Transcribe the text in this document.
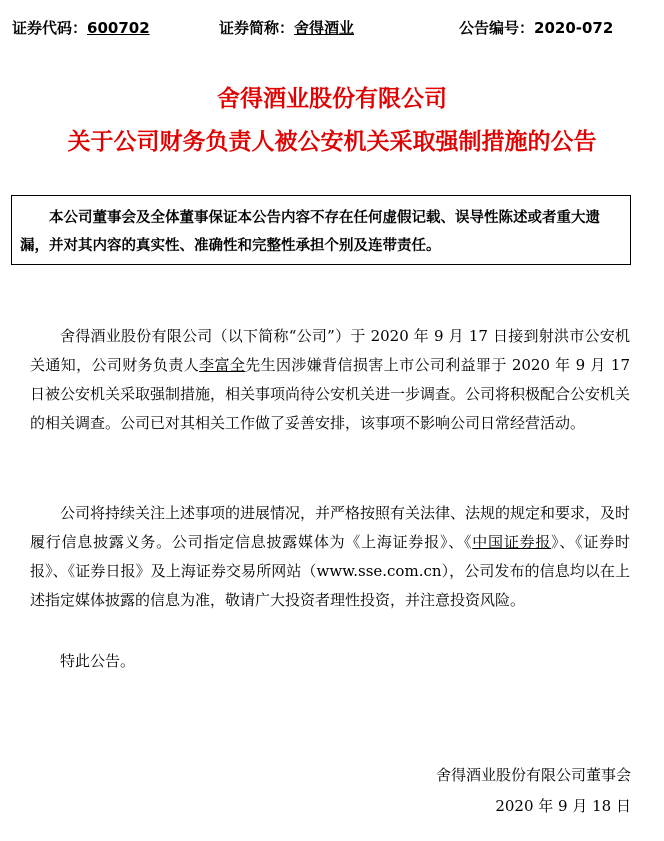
证券代码：600702	证券简称：舍得酒业	公告编号：2020-072
舍得酒业股份有限公司
关于公司财务负责人被公安机关采取强制措施的公告

本公司董事会及全体董事保证本公告内容不存在任何虚假记载、误导性陈述或者重大遗漏，并对其内容的真实性、准确性和完整性承担个别及连带责任。

舍得酒业股份有限公司（以下简称“公司”）于 2020 年 9 月 17 日接到射洪市公安机关通知，公司财务负责人李富全先生因涉嫌背信损害上市公司利益罪于 2020 年 9 月 17 日被公安机关采取强制措施，相关事项尚待公安机关进一步调查。公司将积极配合公安机关的相关调查。公司已对其相关工作做了妥善安排，该事项不影响公司日常经营活动。

公司将持续关注上述事项的进展情况，并严格按照有关法律、法规的规定和要求，及时履行信息披露义务。公司指定信息披露媒体为《上海证券报》、《中国证券报》、《证券时报》、《证券日报》及上海证券交易所网站（www.sse.com.cn），公司发布的信息均以在上述指定媒体披露的信息为准，敬请广大投资者理性投资，并注意投资风险。

特此公告。

舍得酒业股份有限公司董事会
2020 年 9 月 18 日
